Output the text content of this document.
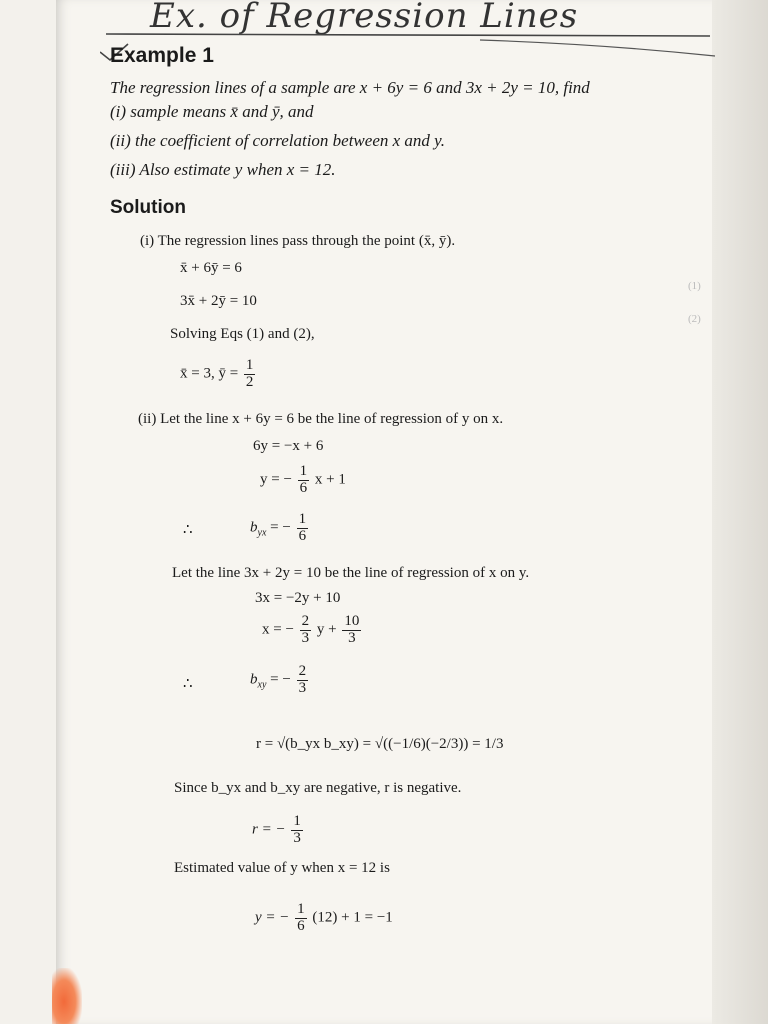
Ex. of Regression Lines
Example 1
The regression lines of a sample are x + 6y = 6 and 3x + 2y = 10, find
(i) sample means x̄ and ȳ, and
(ii) the coefficient of correlation between x and y.
(iii) Also estimate y when x = 12.
Solution
(i) The regression lines pass through the point (x̄, ȳ).
x̄ + 6ȳ = 6
3x̄ + 2ȳ = 10
(1)
(2)
Solving Eqs (1) and (2),
x̄ = 3, ȳ = $\frac{1}{2}$
(ii) Let the line x + 6y = 6 be the line of regression of y on x.
6y = −x + 6
y = − $\frac{1}{6}$ x + 1
∴	$b_{yx}$ = − $\frac{1}{6}$
Let the line 3x + 2y = 10 be the line of regression of x on y.
3x = −2y + 10
x = − $\frac{2}{3}$ $y + \frac{10}{3}$
∴	$b_{xy}$ = − $\frac{2}{3}$
r = √(b_yx b_xy) = √((−1/6)(−2/3)) = 1/3
Since b_yx and b_xy are negative, r is negative.
r = − $\frac{1}{3}$
Estimated value of y when x = 12 is
y = − $\frac{1}{6} (12) + 1 = -1$
